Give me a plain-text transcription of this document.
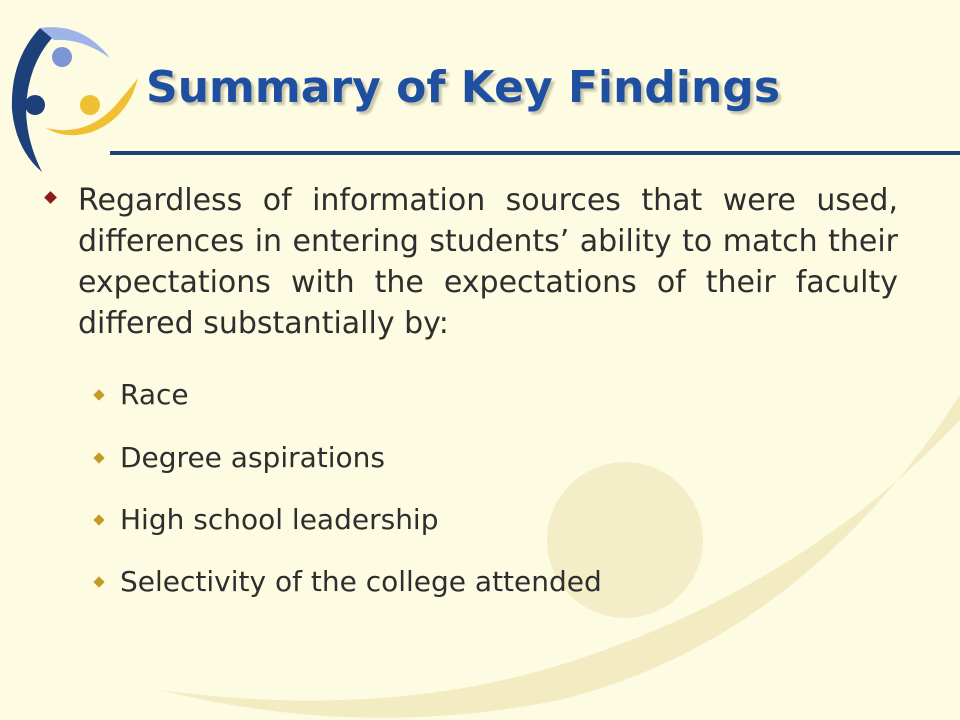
Summary of Key Findings

Regardless of information sources that were used, differences in entering students’ ability to match their expectations with the expectations of their faculty differed substantially by:

Race
Degree aspirations
High school leadership
Selectivity of the college attended
